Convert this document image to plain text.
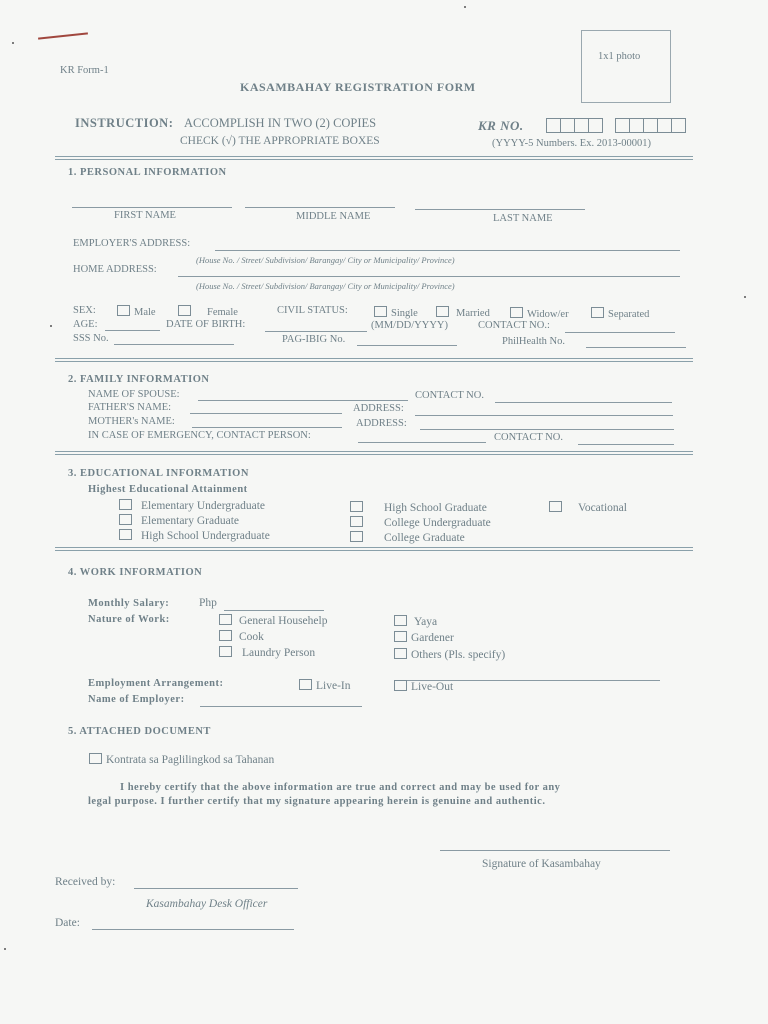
KR Form-1
1x1 photo
KASAMBAHAY REGISTRATION FORM
INSTRUCTION: ACCOMPLISH IN TWO (2) COPIES
CHECK (√) THE APPROPRIATE BOXES
KR NO.
(YYYY-5 Numbers. Ex. 2013-00001)
1. PERSONAL INFORMATION
FIRST NAME	MIDDLE NAME	LAST NAME
EMPLOYER'S ADDRESS:
(House No. / Street/ Subdivision/ Barangay/ City or Municipality/ Province)
HOME ADDRESS:
(House No. / Street/ Subdivision/ Barangay/ City or Municipality/ Province)
SEX:	Male	Female	CIVIL STATUS:	Single	Married	Widow/er	Separated
AGE:	DATE OF BIRTH:	(MM/DD/YYYY)	CONTACT NO.:
SSS No.	PAG-IBIG No.	PhilHealth No.
2. FAMILY INFORMATION
NAME OF SPOUSE:	CONTACT NO.
FATHER'S NAME:	ADDRESS:
MOTHER's NAME:	ADDRESS:
IN CASE OF EMERGENCY, CONTACT PERSON:	CONTACT NO.
3. EDUCATIONAL INFORMATION
Highest Educational Attainment
Elementary Undergraduate
Elementary Graduate
High School Undergraduate
High School Graduate
College Undergraduate
College Graduate
Vocational
4. WORK INFORMATION
Monthly Salary:	Php
Nature of Work:	General Househelp
Cook
Laundry Person
Yaya
Gardener
Others (Pls. specify)
Employment Arrangement:	Live-In	Live-Out
Name of Employer:
5. ATTACHED DOCUMENT
Kontrata sa Paglilingkod sa Tahanan
I hereby certify that the above information are true and correct and may be used for any
legal purpose. I further certify that my signature appearing herein is genuine and authentic.
Signature of Kasambahay
Received by:
Kasambahay Desk Officer
Date:
